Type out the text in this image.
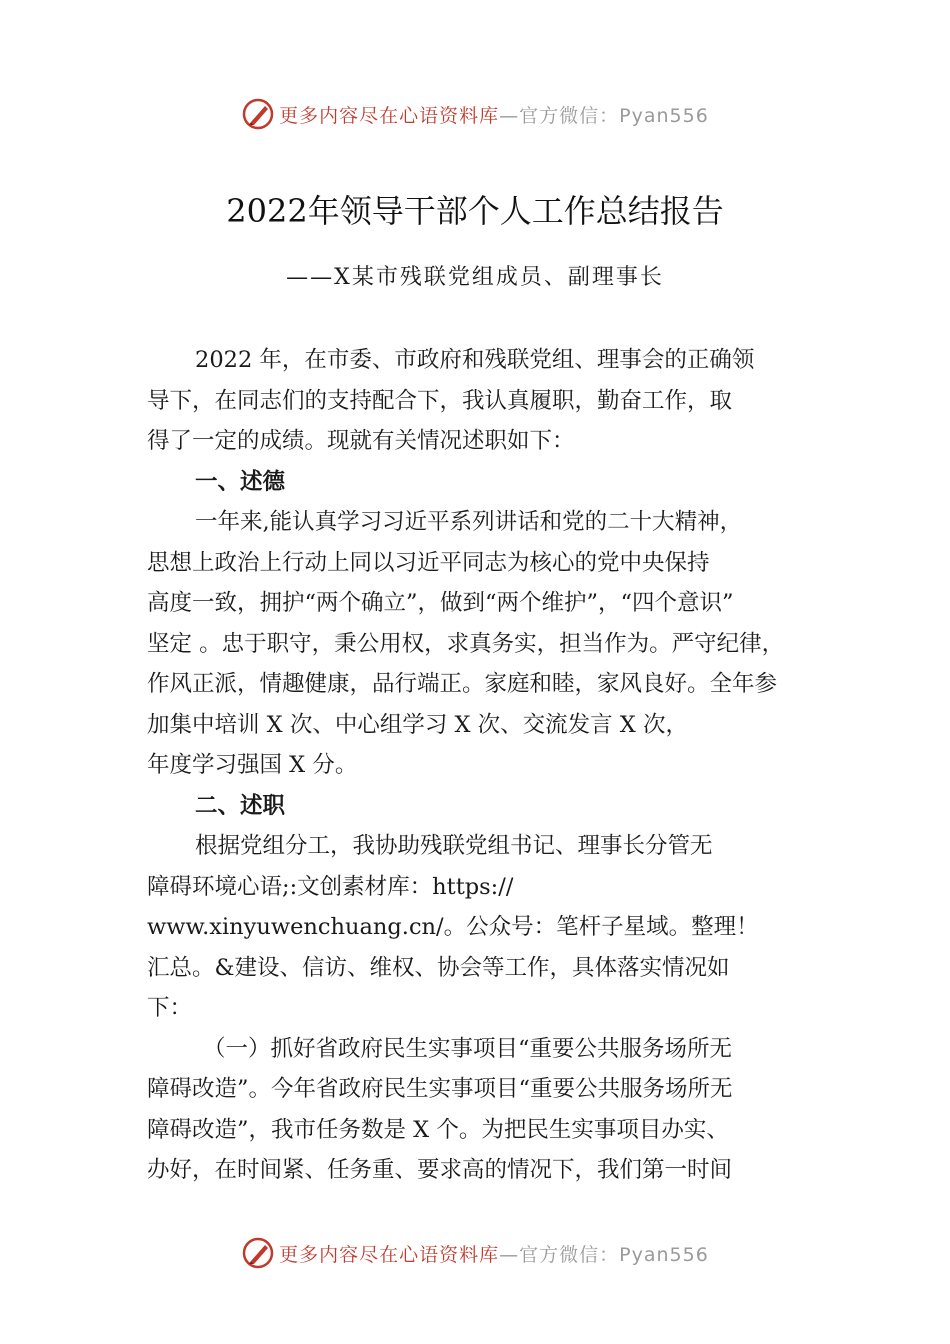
更多内容尽在心语资料库 —官方微信：Pyan556
2022年领导干部个人工作总结报告
——X某市残联党组成员、副理事长
2022 年，在市委、市政府和残联党组、理事会的正确领
导下，在同志们的支持配合下，我认真履职，勤奋工作，取
得了一定的成绩。现就有关情况述职如下：
一、述德
一年来,能认真学习习近平系列讲话和党的二十大精神，
思想上政治上行动上同以习近平同志为核心的党中央保持
高度一致，拥护“两个确立”，做到“两个维护”，“四个意识”
坚定 。忠于职守，秉公用权，求真务实，担当作为。严守纪律，
作风正派，情趣健康，品行端正。家庭和睦，家风良好。全年参
加集中培训 X 次、中心组学习 X 次、交流发言 X 次，
年度学习强国 X 分。
二、述职
根据党组分工，我协助残联党组书记、理事长分管无
障碍环境心语;:文创素材库：https://
www.xinyuwenchuang.cn/。公众号：笔杆子星域。整理！
汇总。&建设、信访、维权、协会等工作，具体落实情况如
下：
（一）抓好省政府民生实事项目“重要公共服务场所无
障碍改造”。今年省政府民生实事项目“重要公共服务场所无
障碍改造”，我市任务数是 X 个。为把民生实事项目办实、
办好，在时间紧、任务重、要求高的情况下，我们第一时间
更多内容尽在心语资料库 —官方微信：Pyan556
